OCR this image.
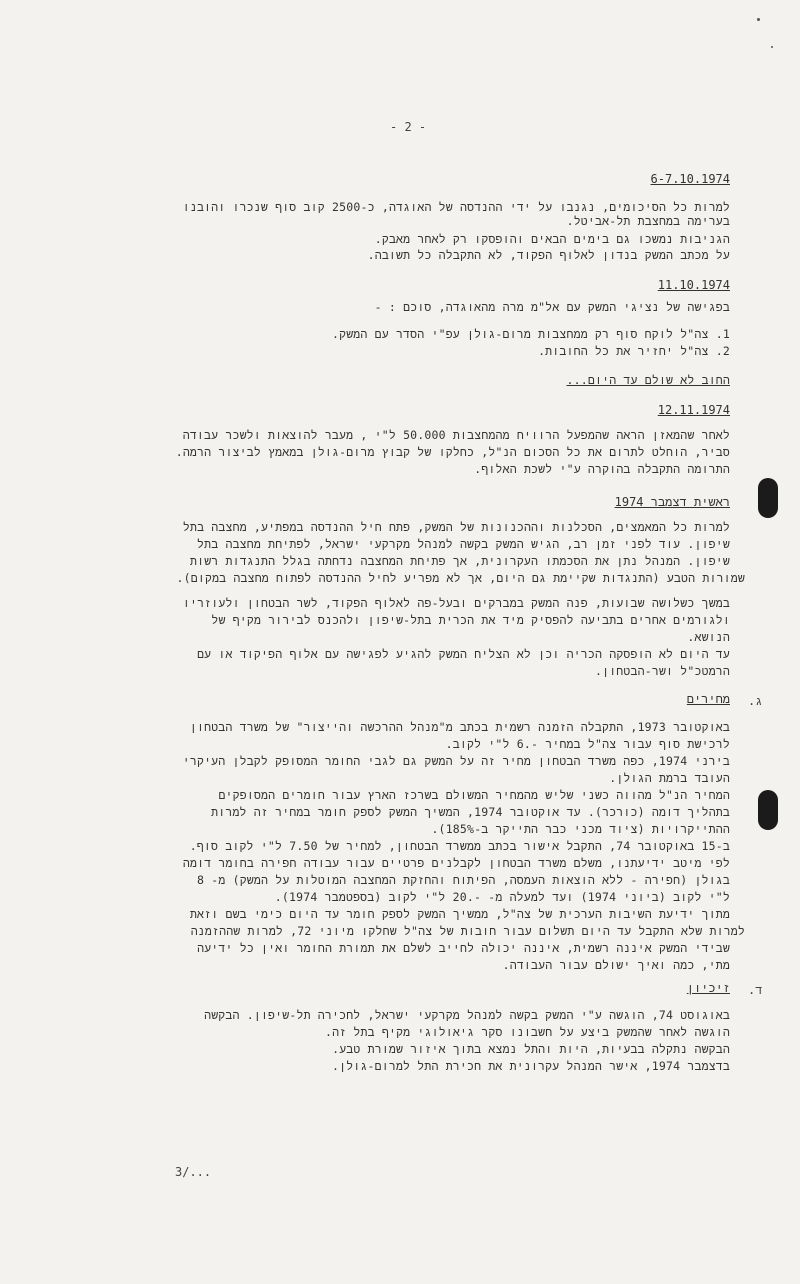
- 2 -
6-7.10.1974
למרות כל הסיכומים, נגנבו על ידי ההנדסה של האוגדה, כ-2500 קוב סוף שנכרו והובנו
בערימה במחצבת תל-אביטל.
הגניבות נמשכו גם בימים הבאים והופסקו רק לאחר מאבק.
על מכתב המשק בנדון לאלוף הפקוד, לא התקבלה כל תשובה.
11.10.1974
בפגישה של נציגי המשק עם אל"מ מרה מהאוגדה, סוכם : -
1. צה"ל לוקח סוף רק ממחצבות מרום-גולן עפ"י הסדר עם המשק.
2. צה"ל יחזיר את כל החובות.
החוב לא שולם עד היום...
12.11.1974
לאחר שהמאזן הראה שהמפעל הרוויח מהמחצבות 50.000 ל"י , מעבר להוצאות ולשכר עבודה
סביר, הוחלט לתרום את כל הסכום הנ"ל, כחלקו של קבוץ מרום-גולן במאמץ לביצור הרמה.
התרומה התקבלה בהוקרה ע"י לשכת האלוף.
ראשית דצמבר 1974
למרות כל המאמצים, הסכלנות וההכנונות של המשק, פתח חיל ההנדסה במפתיע, מחצבה בתל
שיפון. עוד לפני זמן רב, הגיש המשק בקשה למנהל מקרקעי ישראל, לפתיחת מחצבה בתל
שיפון. המנהל נתן את הסכמתו העקרונית, אך פתיחת המחצבה נדחתה בגלל התנגדות רשות
שמורות הטבע (התנגדות שקיימת גם היום, אך לא מפריע לחיל ההנדסה לפתוח מחצבה במקום).
במשך כשלושה שבועות, פנה המשק במברקים ובעל-פה לאלוף הפקוד, לשר הבטחון ולעוזריו
ולגורמים אחרים בתביעה להפסיק מיד את הכרית בתל-שיפון ולהכנס לבירור מקיף של
הנושא.
עד היום לא הופסקה הכריה וכן לא הצליח המשק להגיע לפגישה עם אלוף הפיקוד או עם
הרמטכ"ל ושר-הבטחון.
ג.
מחירים
באוקטובר 1973, התקבלה הזמנה רשמית בכתב מ"מנהל ההרכשה והייצור" של משרד הבטחון
לרכישת סוף עבור צה"ל במחיר -.6 ל"י לקוב.
בירני 1974, כפה משרד הבטחון מחיר זה על המשק גם לגבי החומר המסופק לקבלן העיקרי
העובד ברמת הגולן.
המחיר הנ"ל מהווה כשני שליש מהמחיר המשולם בשרכז הארץ עבור חומרים המסופקים
בתהליך דומה (כורכר). עד אוקטובר 1974, המשיך המשק לספק חומר במחיר זה למרות
ההתייקרויות (ציוד מכני כבר התייקר ב-185%).
ב-15 באוקטובר 74, התקבל אישור בכתב ממשרד הבטחון, למחיר של 7.50 ל"י לקוב סוף.
לפי מיטב ידיעתנו, משלם משרד הבטחון לקבלנים פרטיים עבור עבודה חפירה בחומר דומה
בגולן (חפירה - ללא הוצאות העמסה, הפיתוח והחזקת המחצבה המוטלות על המשק) מ- 8
ל"י לקוב (ביוני 1974) ועד למעלה מ- -.20 ל"י לקוב (בספטמבר 1974).
מתוך ידיעת השיבות הערכית של צה"ל, ממשיך המשק לספק חומר עד היום כימי בשם וזאת
למרות שלא התקבל עד היום תשלום עבור חובות של צה"ל שחלקו מיוני 72, למרות שההזמנה
שבידי המשק איננה רשמית, איננה יכולה לחייב לשלם את תמורת החומר ואין כל ידיעה
מתי, כמה ואיך ישולם עבור העבודה.
ד.
זיכיון
באוגוסט 74, הוגשה ע"י המשק בקשה למנהל מקרקעי ישראל, לחכירה תל-שיפון. הבקשה
הוגשה לאחר שהמשק ביצע על חשבונו סקר גיאולוגי מקיף בתל זה.
הבקשה נתקלה בבעיות, היות והתל נמצא בתוך איזור שמורת טבע.
בדצמבר 1974, אישר המנהל עקרונית את חכירת התל למרום-גולן.
3/...
